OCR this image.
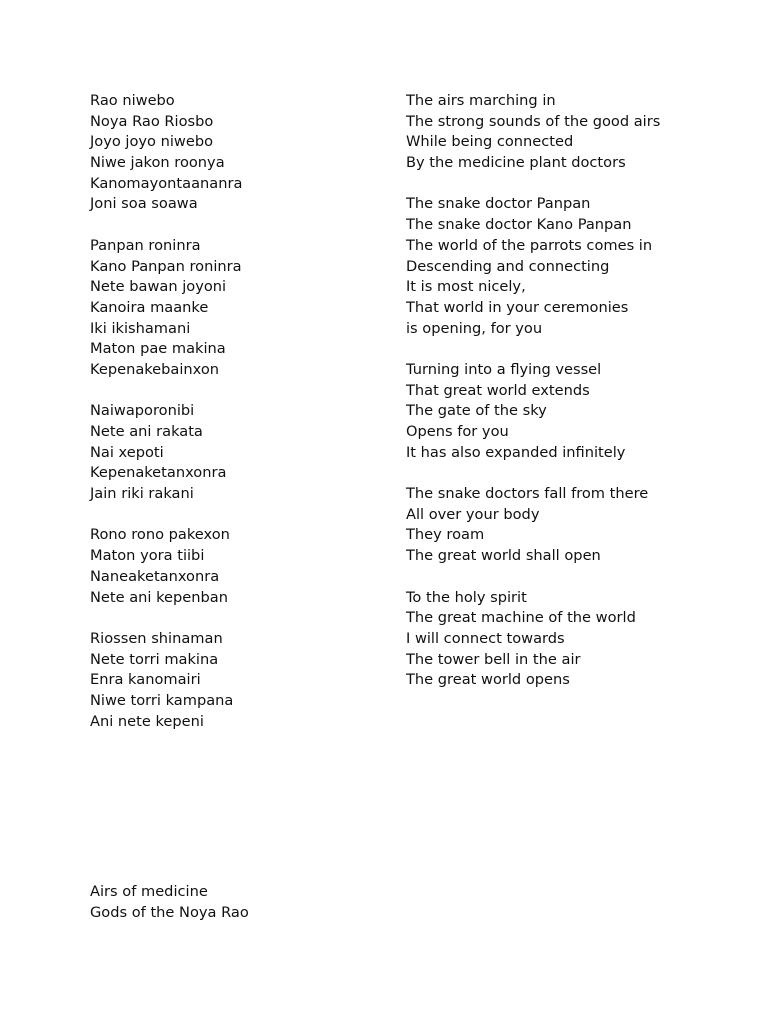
Rao niwebo
Noya Rao Riosbo
Joyo joyo niwebo
Niwe jakon roonya
Kanomayontaananra
Joni soa soawa
Panpan roninra
Kano Panpan roninra
Nete bawan joyoni
Kanoira maanke
Iki ikishamani
Maton pae makina
Kepenakebainxon
Naiwaporonibi
Nete ani rakata
Nai xepoti
Kepenaketanxonra
Jain riki rakani
Rono rono pakexon
Maton yora tiibi
Naneaketanxonra
Nete ani kepenban
Riossen shinaman
Nete torri makina
Enra kanomairi
Niwe torri kampana
Ani nete kepeni
The airs marching in
The strong sounds of the good airs
While being connected
By the medicine plant doctors
The snake doctor Panpan
The snake doctor Kano Panpan
The world of the parrots comes in
Descending and connecting
It is most nicely,
That world in your ceremonies
is opening, for you
Turning into a flying vessel
That great world extends
The gate of the sky
Opens for you
It has also expanded infinitely
The snake doctors fall from there
All over your body
They roam
The great world shall open
To the holy spirit
The great machine of the world
I will connect towards
The tower bell in the air
The great world opens
Airs of medicine
Gods of the Noya Rao
